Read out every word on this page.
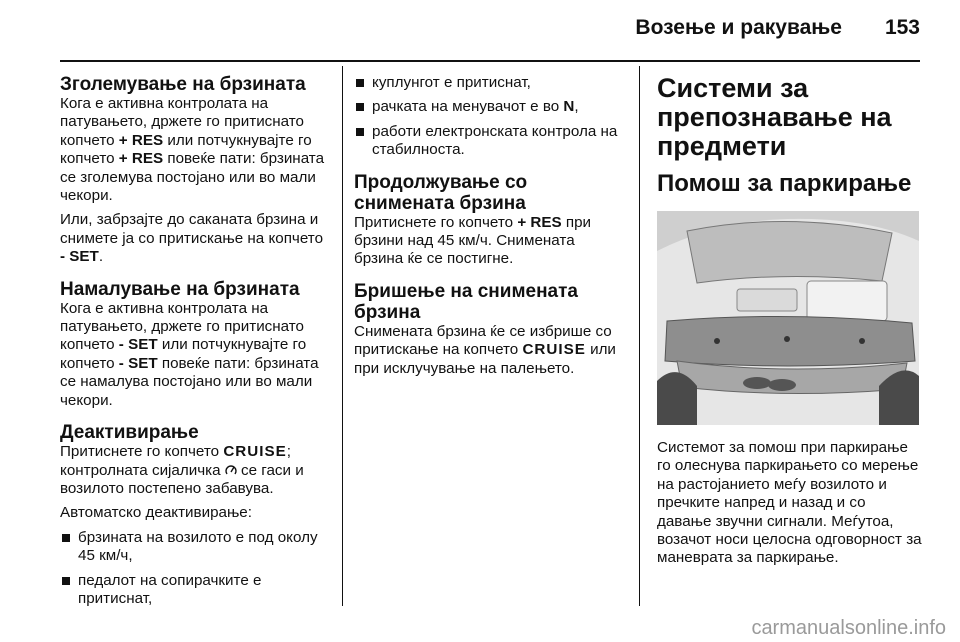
Возење и ракување 153
Зголемување на брзината

Кога е активна контролата на патувањето, држете го притиснато копчето + RES или потчукнувајте го копчето + RES повеќе пати: брзината се зголемува постојано или во мали чекори.

Или, забрзајте до саканата брзина и снимете ја со притискање на копчето - SET.

Намалување на брзината

Кога е активна контролата на патувањето, држете го притиснато копчето - SET или потчукнувајте го копчето - SET повеќе пати: брзината се намалува постојано или во мали чекори.

Деактивирање

Притиснете го копчето CRUISE; контролната сијаличка  се гаси и возилото постепено забавува.

Автоматско деактивирање:

брзината на возилото е под околу 45 км/ч,
педалот на сопирачките е притиснат,
куплунгот е притиснат,
рачката на менувачот е во N,
работи електронската контрола на стабилноста.
Продолжување со снимената брзина

Притиснете го копчето + RES при брзини над 45 км/ч. Снимената брзина ќе се постигне.

Бришење на снимената брзина

Снимената брзина ќе се избрише со притискање на копчето CRUISE или при исклучување на палењето.

Системи за препознавање на предмети
Помош за паркирање

Системот за помош при паркирање го олеснува паркирањето со мерење на растојанието меѓу возилото и пречките напред и назад и со давање звучни сигнали. Меѓутоа, возачот носи целосна одговорност за маневрата за паркирање.

carmanualsonline.info
